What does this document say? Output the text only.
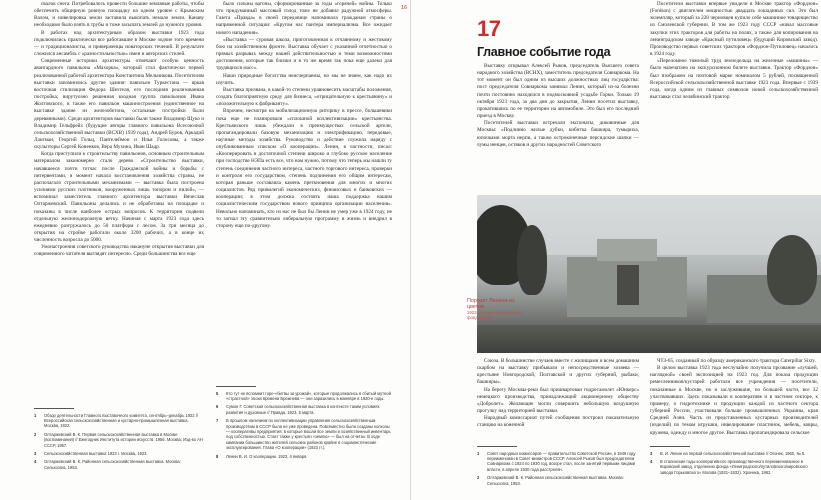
свалок снега. Потребовалось провести большие земляные работы, чтобы обеспечить общирную ровную площадку на одном уровне с Крымским Валом, и нивелировка земли заставила выкопать немало земли. Канаву необходимо было взять в трубы и тоже засыпать землей до нужного уровня.

В работах над архитектурным образом выставки 1923 года подключились практически все работавшие в Москве зодчие того времени — и традиционалисты, и приверженцы новаторских течений. В результате сложился ансамбль с «разностильностью» имен и авторских стилей.

Современные историки архитектуры отмечают особую ценность авангардного павильона «Махорка», который стал фактически первой реализованной работой архитектора Константина Мельникова. Посетителям выставки запомнились другие здания: павильон Туркестана — яркая восточная стилизация Федора Шехтеля, его последняя реализованная постройка; вирутуозно решенная входная группа павильонов Ивана Жолтовского, в также его павильон машиностроения (единственное на выставке здание из железобетона, остальные постройки были деревянными). Среди архитекторов выставки были также Владимир Щуко и Владимир Гельфрейх (будущие авторы главного павильона Всесоюзной сельскохозяйственной выставки (ВСХВ) 1939 года), Андрей Буров, Аркадий Лангман, Георгий Гольц, Пантелеймон и Илья Голосовы, а также скульпторы Сергей Коненков, Вера Мухина, Иван Шадр.

Когда приступили к строительству павильонов, основным строительным материалом закономерно стало дерево. «Строительство выставки, начавшееся почти тотчас после Гражданской войны и борьбы с интервентами, в момент начала восстановления хозяйства страны, не располагало строительными механизмами — выставка была построена усилиями русских плотников, вооруженных лишь топором и пилой», — вспоминал заместитель главного архитектора выставки Вячеслав Олтаржевский. Павильоны делались и не обработаны на площадке и показаны в числе наиболее острых вопросов. К территории подвели отдельную железнодорожную ветку. Начиная с марта 1923 года здесь ежедневно разгружалось до 50 платформ с лесом. За три месяца до открытия на стройке работали около 3200 рабочих, а в конце их численность возросла до 5000.

Умонастроения советского руководства накануне открытия выставки для современного читателя выглядят интересно. Среди большинства все еще

было сильны вагоны, сформированные за годы «горячей» войны. Только что придуманный массовый голод тоже не добавил радужной атмосферы. Газета «Правда» в своей передовице напоминала гражданам страны о напряженной ситуации: «Кругом нас пантера империализма. Все ожидает нового нападения».

«Выставка — суровая школа, приготовленная к отчаянному и жестокому бою на хозяйственном фронте. Выставка обучает с указанной отчетностью о прямых разрывах между нашей действительностью и теми возможностями достижения, которые так близки и в то же время так пока еще далеки для трудящихся масс».

Наши природные богатства неисчерпаемы, но мы не знаем, как надо их изучить.

Выставка призвана, в какой-то степени уравновесить масштабы положения, создать благоприятную среду для бизнеса, «отрицательную к крестьянину» и «положительную к фабриканту».

Впрочем, несмотря на мобилизационную риторику в прессе, большевики пока еще не планировали «сплошной коллективизации» крестьянства. Крестьянского лишь убеждали в преимуществах сельской артели, пропагандировали базовую механизацию и электрификацию, передовые, научные методы хозяйства. Руководство и действие служила наряду с опубликованным списком «О кооперации». Ленин, в частности, писал: «Кооперировать в достаточной степени широко и глубоко русское население при господстве НЭПа есть все, что нам нужно, потому что теперь мы нашли ту степень соединения частного интереса, частного торгового интереса, проверки и контроля его государством, степень подчинения его общим интересам, которая раньше составляла камень преткновения для многих и многих социалистов. Ряд привилегий экономических, финансовых и банковских — кооперации; в этом должна состоять наша поддержка нашим социалистическим государством нового принципа организации населения». Невольно напоминать, кто из нас не был бы Ленин не умер уже в 1924 году, не то загнал эту сравнительно либеральную программу в жизнь и внедрил в сторону еще по-другому.

1	Обзор деятельности Главного выставочного комитета, сентябрь–декабрь 1922 // Всероссийская сельскохозяйственная и кустарно-промышленная выставка. Москва, 1922.
2	Олтаржевский В. К. Первая сельскохозяйственная выставка в Москве (воспоминания) // Ежегодник Института истории искусств. 1956. Москва: Изд-во АН СССР, 1957.
3	Сельскохозяйственная выставка 1923 г. Москва, 1923.
4	Олтаржевский В. К. Районная сельскохозяйственная выставка. Москва: Сельхозгиз, 1953.
5	Кто тут не вспомнит горе-«битвы за урожай», которые продолжались в сбитый мутной «страстной» эпохи времени Брежнева — они заразились в маневре в 1920-е годы.
6	Сумон Г. Советская сельскохозяйственная выставка в контексте таким условиях развития и духовные // Правда. 1923, 5 марта.
7	В прошлом наличием по коллективизации управления сельскохозяйственным производством в СССР была не уже проведена. Повсеместно были созданы колхозы — кооперативы предприятия, в которые вошли все земли и хозяйственный инвентарь под собственностью. Стоит также у крестьян «землю» — был на отчетах. В ходе кампании большинство жителей сельских районов крайне в социалистические эксплуатирования. Глава «О кооперации» (1923 гг.).
8	Ленин В. И. О кооперации. 1923, 4 января.
16
17
Главное событие года

Выставку открывал Алексей Рыков, председатель Высшего совета народного хозяйства (ВСНХ), заместитель председателя Совнаркома. На тот момент он был одним из высших должностных лиц государства: пост председателя Совнаркома занимал Ленин, который из-за болезни почти постоянно находился в подмосковной усадьбе Горки. Только 19 октября 1923 года, за два дня до закрытия, Ленин посетил выставку, прокатившись по ее территории на автомобиле. Это был его последний приезд в Москву.

Посетителей выставки встречали экспонаты, диковинные для Москвы: «Подлинно жилые дубки, кибитка башкира, тумыриха, юпочками морта нерпи, а также остроконечные персидские шапки — чумы ненцев, остяков и других народностей Советского

Посетители выставки впервые увидели в Москве трактор «Фордзон» (Fordson) с двигателем мощностью двадцать лошадиных сил. Это был экземпляр, который за 228 черновцев купило себе машинное товарищество из Смоленской губернии. В том же 1923 году СССР «начал массовые закупки этих тракторов для работы на полях, а также для копирования на ленинградском заводе «Красный путиловец» (будущий Кировский завод). Производство первых советских тракторов «Фордзон-Путиловец» началось в 1924 году.

«Переломное тяжелый труд земледельца на железные «машины» — было напечатано на экскурсионном билете выставки. Трактор «Фордзон» был изображен на почтовой марке номиналом 5 рублей, посвященной Всероссийской сельскохозяйственной выставке 1923 года. Впервые с 1939 года, когда одним из главных символов новой сельскохозяйственной выставки стал челябинский трактор

Портрет Ленина из цветов
1923. Архивный фотоархив фонд ВДНХ

Союза. В большинстве случаев вместе с жилищами и всем домашним скарбом на выставку прибывали и непосредственные хозяева — крестьяне Новгородской, Полтавской и других губерний, рыбаки, башкиры».

На берегу Москвы-реки был пришвартован гидросамолет «Юнкерс» немецкого производства, принадлежащий акционерному обществу «Добролет». Желающие могли совершить небольшую воздушную прогулку над территорией выставки.

Народный комиссариат путей сообщения построил показательную станцию на конечной

ЧТЗ-65, созданный по образцу американского трактора Caterpillar Sixty.

В целом выставка 1923 года неслучайно получила прозвание «лучшей, наглядной» своей экспозицией на 1923 год. Для показа продукции ремесленников/кустарей работали все учреждения — посетители, показанные в Москве, но и заслужившие, по большей части, все 32 участвовавших. Здесь показывали в кооперативе и в частном секторе, к примеру, о гидротехнике и продукции каждой из частного сектора губерний России, участвовали больше промышленных Украины, края Средней Азии. Часть из представленных кустарных производителей (изделий) по темам игрушки, нивелирование пластинок, мебель, ковры, кружева, одежду и многое другое. Выставка пропагандировала сельское

1	Совет народных комиссаров — правительство Советской России, в 1946 году переименован в Совет министров СССР. Алексей Рыков был председателем Совнаркома с 1924 по 1930 год, вскоре стал, после занятий первыми лицами власти, в апреле 1930 года расстрелян.
2	Олтаржевский В. К. Районная сельскохозяйственная выставка. Москва: Сельхозгиз, 1953.
3	В. И. Ленин на первой сельскохозяйственной выставке // Огонек, 1960, № 5.
4	В сталинские годы кооперативного производственного переименованное в Кировский завод, отделению фонда «Лениградского/путиловского/кировского завода Горьковского» Москва (1931–1932). Хроника, 1962.
